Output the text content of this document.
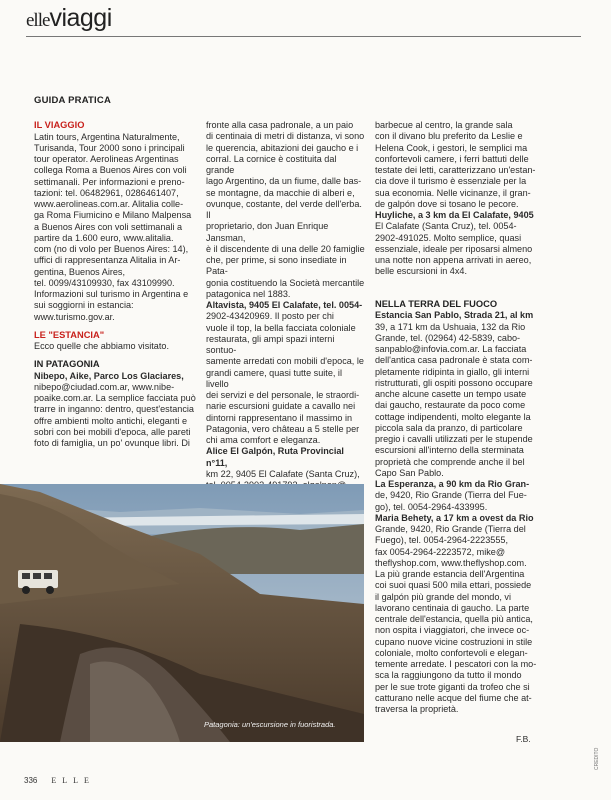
elle viaggi

GUIDA PRATICA

IL VIAGGIO

Latin tours, Argentina Naturalmente,

Turisanda, Tour 2000 sono i principali

tour operator. Aerolineas Argentinas

collega Roma a Buenos Aires con voli

settimanali. Per informazioni e preno-

tazioni: tel. 06482961, 0286461407,

www.aerolineas.com.ar. Alitalia colle-

ga Roma Fiumicino e Milano Malpensa

a Buenos Aires con voli settimanali a

partire da 1.600 euro, www.alitalia.

com (no di volo per Buenos Aires: 14),

uffici di rappresentanza Alitalia in Ar-

gentina, Buenos Aires,

tel. 0099/43109930, fax 43109990.

Informazioni sul turismo in Argentina e

sui soggiorni in estancia:

www.turismo.gov.ar.

LE "ESTANCIA"

Ecco quelle che abbiamo visitato.

IN PATAGONIA

Nibepo, Aike, Parco Los Glaciares,

nibepo@ciudad.com.ar, www.nibe-

poaike.com.ar. La semplice facciata può

trarre in inganno: dentro, quest'estancia

offre ambienti molto antichi, eleganti e

sobri con bei mobili d'epoca, alle pareti

foto di famiglia, un po' ovunque libri. Di

fronte alla casa padronale, a un paio

di centinaia di metri di distanza, vi sono

le querencia, abitazioni dei gaucho e i

corral. La cornice è costituita dal grande

lago Argentino, da un fiume, dalle bas-

se montagne, da macchie di alberi e,

ovunque, costante, del verde dell'erba. Il

proprietario, don Juan Enrique Jansman,

è il discendente di una delle 20 famiglie

che, per prime, si sono insediate in Pata-

gonia costituendo la Società mercantile

patagonica nel 1883.

Altavista, 9405 El Calafate, tel. 0054-

2902-43420969. Il posto per chi

vuole il top, la bella facciata coloniale

restaurata, gli ampi spazi interni sontuo-

samente arredati con mobili d'epoca, le

grandi camere, quasi tutte suite, il livello

dei servizi e del personale, le straordi-

narie escursioni guidate a cavallo nei

dintorni rappresentano il massimo in

Patagonia, vero château a 5 stelle per

chi ama comfort e eleganza.

Alice El Galpón, Ruta Provincial n°11,

km 22, 9405 El Calafate (Santa Cruz),

barbecue al centro, la grande sala

con il divano blu preferito da Leslie e

Helena Cook, i gestori, le semplici ma

confortevoli camere, i ferri battuti delle

testate dei letti, caratterizzano un'estan-

cia dove il turismo è essenziale per la

sua economia. Nelle vicinanze, il gran-

de galpón dove si tosano le pecore.

Huyliche, a 3 km da El Calafate, 9405

El Calafate (Santa Cruz), tel. 0054-

2902-491025. Molto semplice, quasi

essenziale, ideale per riposarsi almeno

una notte non appena arrivati in aereo,

belle escursioni in 4x4.

NELLA TERRA DEL FUOCO

Estancia San Pablo, Strada 21, al km

39, a 171 km da Ushuaia, 132 da Rio

Grande, tel. (02964) 42-5839, cabo-

sanpablo@infovia.com.ar. La facciata

dell'antica casa padronale è stata com-

pletamente ridipinta in giallo, gli interni

ristrutturati, gli ospiti possono occupare

anche alcune casette un tempo usate

dai gaucho, restaurate da poco come

cottage indipendenti, molto elegante la

piccola sala da pranzo, di particolare

pregio i cavalli utilizzati per le stupende

escursioni all'interno della sterminata

proprietà che comprende anche il bel

Capo San Pablo.

La Esperanza, a 90 km da Rio Gran-

de, 9420, Rio Grande (Tierra del Fue-

go), tel. 0054-2964-433995.

Maria Behety, a 17 km a ovest da Rio

Grande, 9420, Rio Grande (Tierra del

Fuego), tel. 0054-2964-2223555,

fax 0054-2964-2223572, mike@

theflyshop.com, www.theflyshop.com.

La più grande estancia dell'Argentina

coi suoi quasi 500 mila ettari, possiede

il galpón più grande del mondo, vi

lavorano centinaia di gaucho. La parte

centrale dell'estancia, quella più antica,

non ospita i viaggiatori, che invece oc-

cupano nuove vicine costruzioni in stile

coloniale, molto confortevoli e elegan-

temente arredate. I pescatori con la mo-

sca la raggiungono da tutto il mondo

per le sue trote giganti da trofeo che si

catturano nelle acque del fiume che at-

traversa la proprietà.

Patagonia: un'escursione in fuoristrada.
F.B.
336 ELLE
CREDITO
